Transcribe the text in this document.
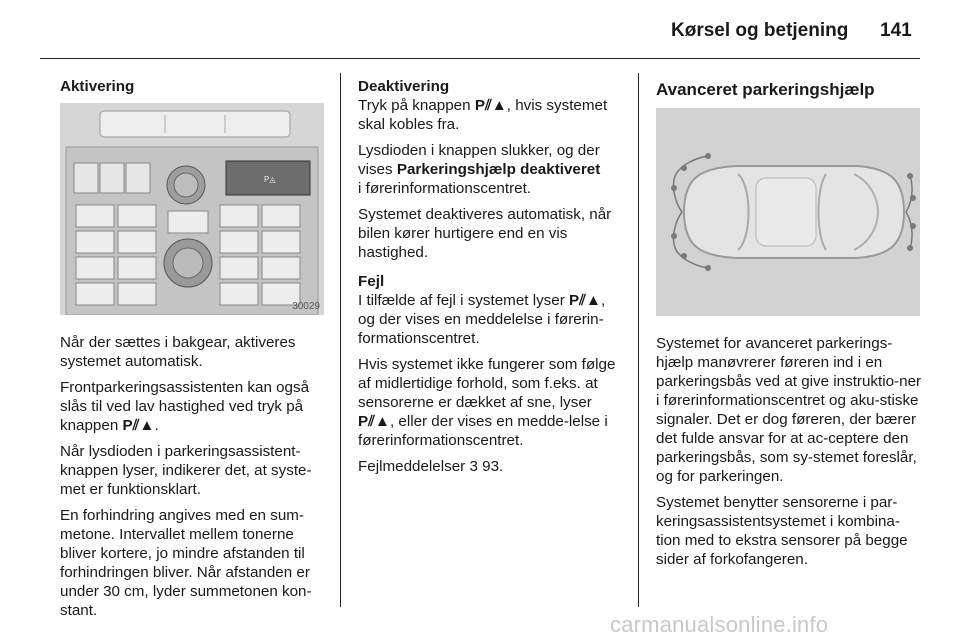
Kørsel og betjening 141

Aktivering

Når der sættes i bakgear, aktiveres systemet automatisk.

Frontparkeringsassistenten kan også slås til ved lav hastighed ved tryk på knappen P⫽▲.

Når lysdioden i parkeringsassistent-knappen lyser, indikerer det, at syste-met er funktionsklart.

En forhindring angives med en sum-metone. Intervallet mellem tonerne bliver kortere, jo mindre afstanden til forhindringen bliver. Når afstanden er under 30 cm, lyder summetonen kon-stant.

P◬
30029

Deaktivering

Tryk på knappen P⫽▲, hvis systemet skal kobles fra.

Lysdioden i knappen slukker, og der vises Parkeringshjælp deaktiveret
i førerinformationscentret.

Systemet deaktiveres automatisk, når bilen kører hurtigere end en vis hastighed.

Fejl

I tilfælde af fejl i systemet lyser P⫽▲, og der vises en meddelelse i førerin-formationscentret.

Hvis systemet ikke fungerer som følge af midlertidige forhold, som f.eks. at sensorerne er dækket af sne, lyser P⫽▲, eller der vises en medde-lelse i førerinformationscentret.

Fejlmeddelelser 3 93.

Avanceret parkeringshjælp

Systemet for avanceret parkerings-hjælp manøvrerer føreren ind i en parkeringsbås ved at give instruktio-ner i førerinformationscentret og aku-stiske signaler. Det er dog føreren, der bærer det fulde ansvar for at ac-ceptere den parkeringsbås, som sy-stemet foreslår, og for parkeringen.

Systemet benytter sensorerne i par-keringsassistentsystemet i kombina-tion med to ekstra sensorer på begge sider af forkofangeren.

carmanualsonline.info
